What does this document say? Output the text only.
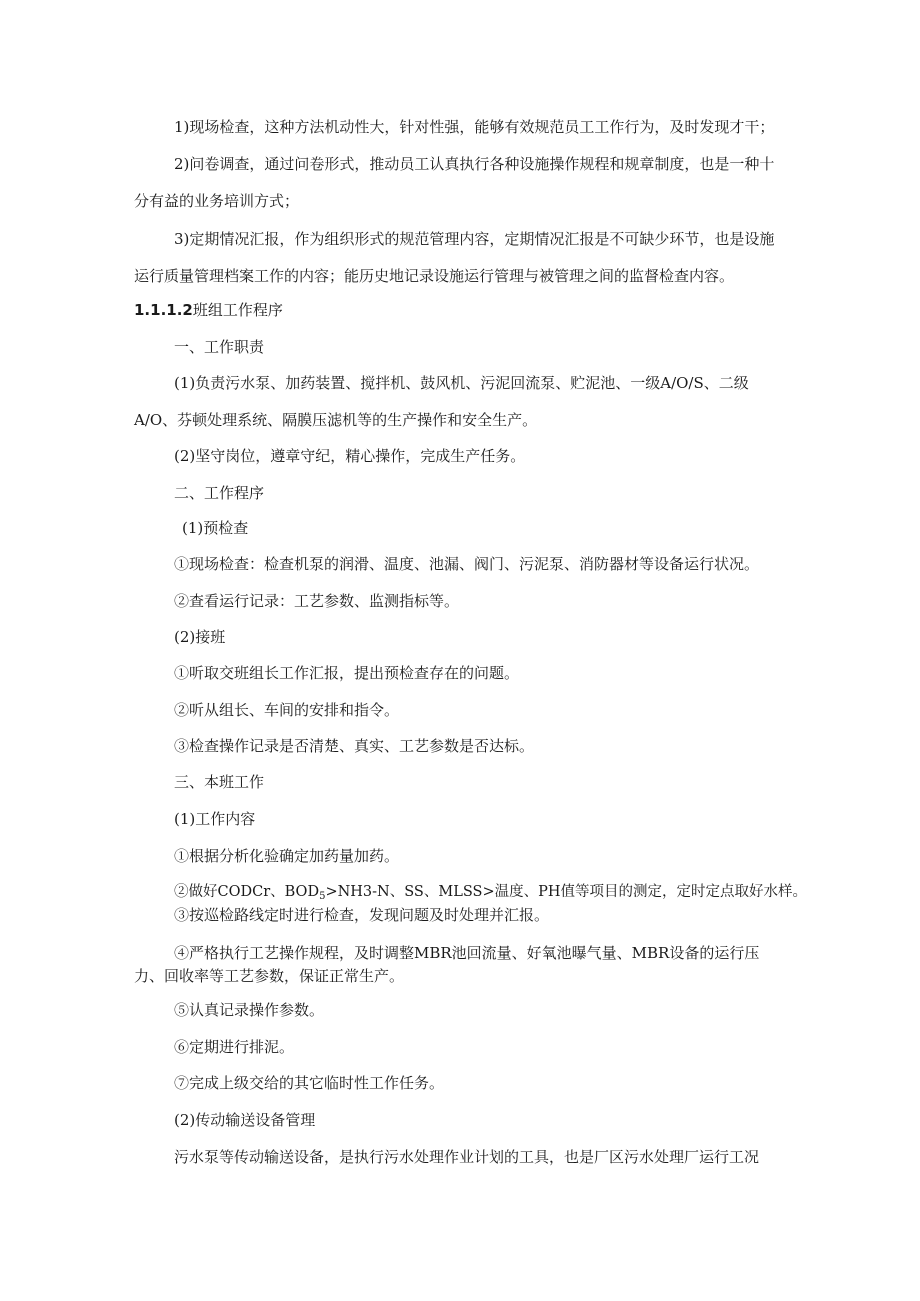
1)现场检查，这种方法机动性大，针对性强，能够有效规范员工工作行为，及时发现才干；

2)问卷调查，通过问卷形式，推动员工认真执行各种设施操作规程和规章制度，也是一种十

分有益的业务培训方式；

3)定期情况汇报，作为组织形式的规范管理内容，定期情况汇报是不可缺少环节，也是设施

运行质量管理档案工作的内容；能历史地记录设施运行管理与被管理之间的监督检查内容。

1.1.1.2班组工作程序

一、工作职责

(1)负责污水泵、加药装置、搅拌机、鼓风机、污泥回流泵、贮泥池、一级A/O/S、二级

A/O、芬顿处理系统、隔膜压滤机等的生产操作和安全生产。

(2)坚守岗位，遵章守纪，精心操作，完成生产任务。

二、工作程序

(1)预检查

①现场检查：检查机泵的润滑、温度、池漏、阀门、污泥泵、消防器材等设备运行状况。

②查看运行记录：工艺参数、监测指标等。

(2)接班

①听取交班组长工作汇报，提出预检查存在的问题。

②听从组长、车间的安排和指令。

③检查操作记录是否清楚、真实、工艺参数是否达标。

三、本班工作

(1)工作内容

①根据分析化验确定加药量加药。

②做好CODCr、$BOD_5>NH3-N$、SS、MLSS>温度、PH值等项目的测定，定时定点取好水样。

③按巡检路线定时进行检查，发现问题及时处理并汇报。

④严格执行工艺操作规程，及时调整MBR池回流量、好氧池曝气量、MBR设备的运行压

力、回收率等工艺参数，保证正常生产。

⑤认真记录操作参数。

⑥定期进行排泥。

⑦完成上级交给的其它临时性工作任务。

(2)传动输送设备管理

污水泵等传动输送设备，是执行污水处理作业计划的工具，也是厂区污水处理厂运行工况
